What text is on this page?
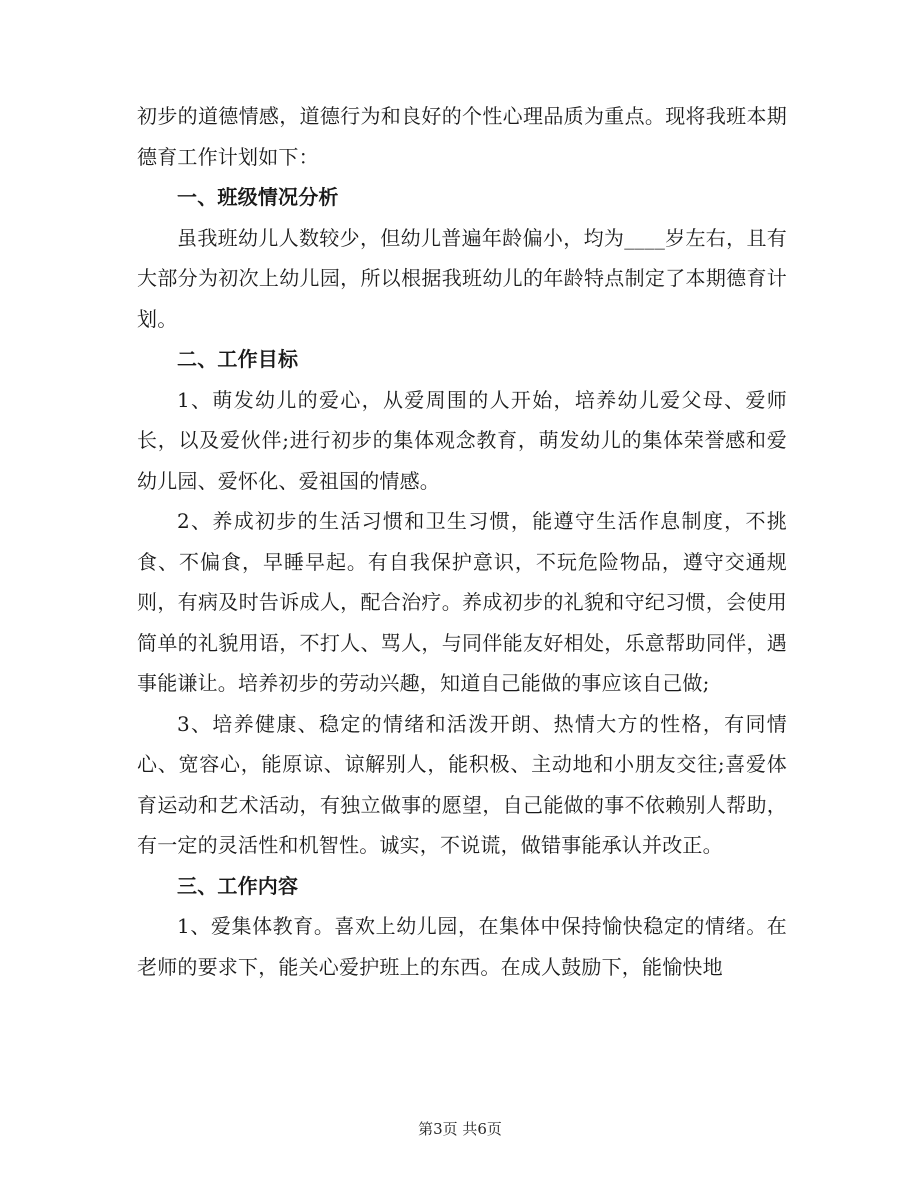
初步的道德情感，道德行为和良好的个性心理品质为重点。现将我班本期德育工作计划如下：

一、班级情况分析

虽我班幼儿人数较少，但幼儿普遍年龄偏小，均为____岁左右，且有大部分为初次上幼儿园，所以根据我班幼儿的年龄特点制定了本期德育计划。

二、工作目标

1、萌发幼儿的爱心，从爱周围的人开始，培养幼儿爱父母、爱师长，以及爱伙伴;进行初步的集体观念教育，萌发幼儿的集体荣誉感和爱幼儿园、爱怀化、爱祖国的情感。

2、养成初步的生活习惯和卫生习惯，能遵守生活作息制度，不挑食、不偏食，早睡早起。有自我保护意识，不玩危险物品，遵守交通规则，有病及时告诉成人，配合治疗。养成初步的礼貌和守纪习惯，会使用简单的礼貌用语，不打人、骂人，与同伴能友好相处，乐意帮助同伴，遇事能谦让。培养初步的劳动兴趣，知道自己能做的事应该自己做;

3、培养健康、稳定的情绪和活泼开朗、热情大方的性格，有同情心、宽容心，能原谅、谅解别人，能积极、主动地和小朋友交往;喜爱体育运动和艺术活动，有独立做事的愿望，自己能做的事不依赖别人帮助，有一定的灵活性和机智性。诚实，不说谎，做错事能承认并改正。

三、工作内容

1、爱集体教育。喜欢上幼儿园，在集体中保持愉快稳定的情绪。在老师的要求下，能关心爱护班上的东西。在成人鼓励下，能愉快地

第3页 共6页
